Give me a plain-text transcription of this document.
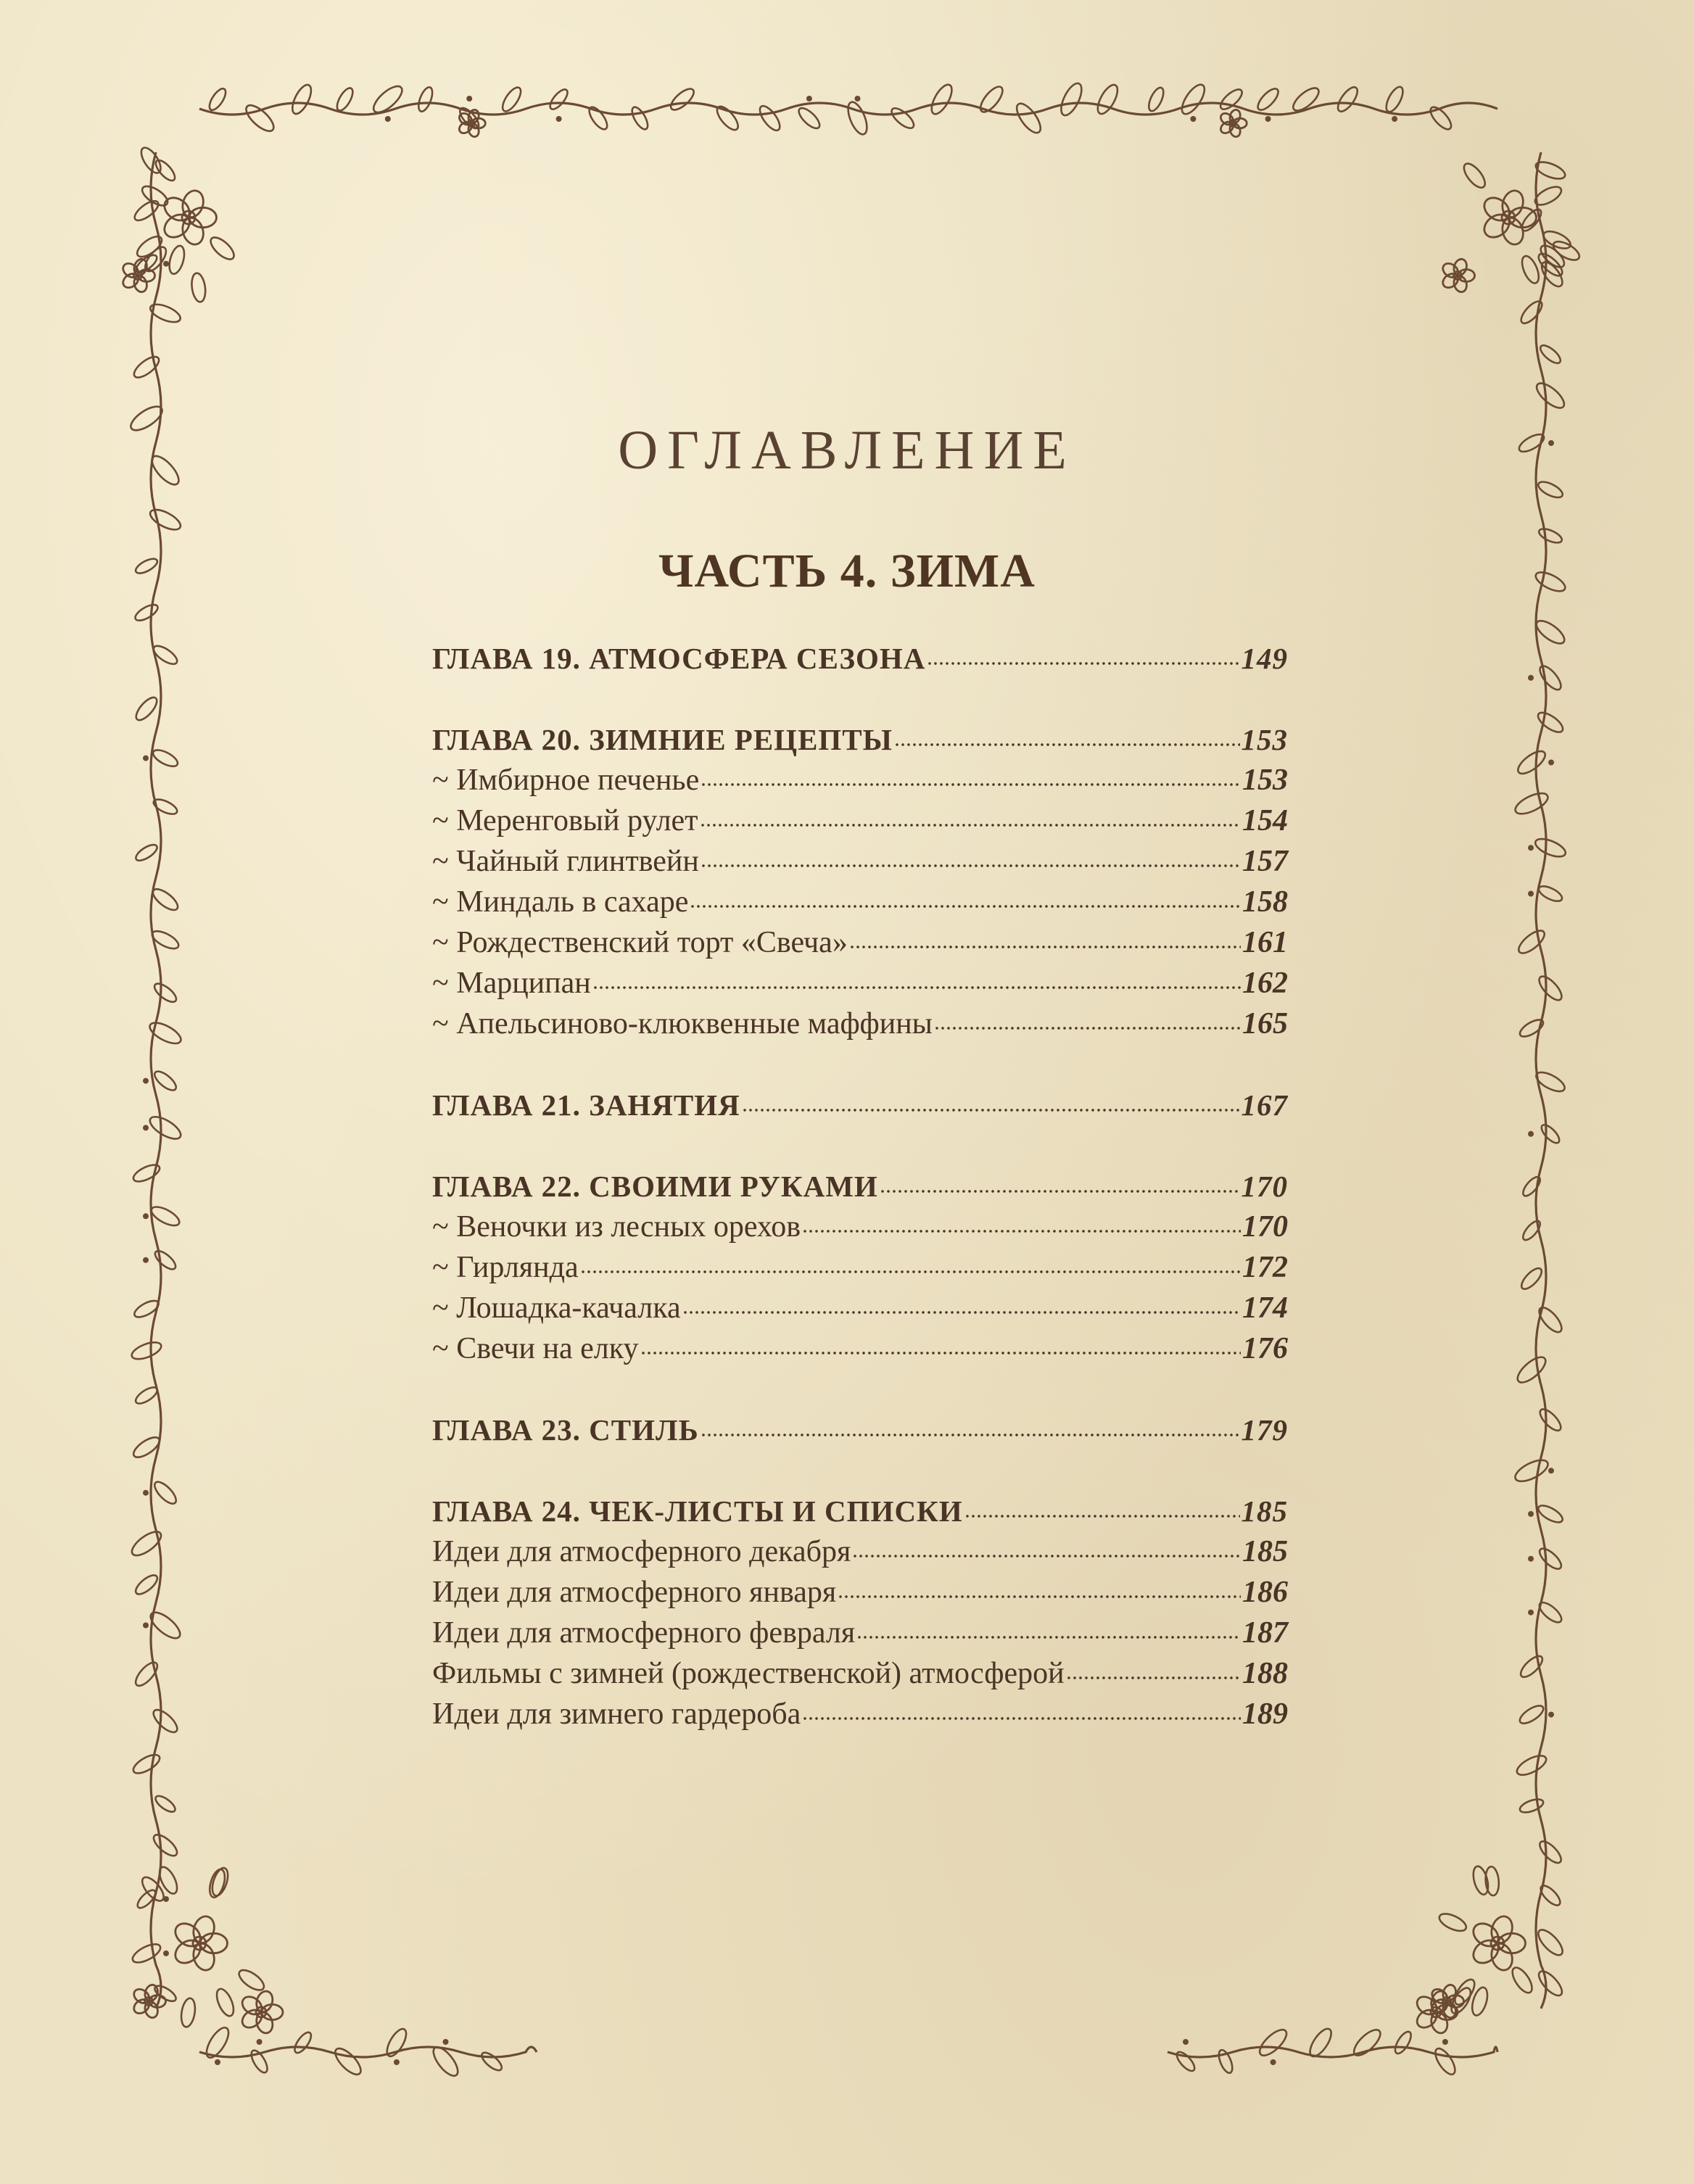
ОГЛАВЛЕНИЕ
ЧАСТЬ 4. ЗИМА
ГЛАВА 19. АТМОСФЕРА СЕЗОНА	149
ГЛАВА 20. ЗИМНИЕ РЕЦЕПТЫ	153
~ Имбирное печенье	153
~ Меренговый рулет	154
~ Чайный глинтвейн	157
~ Миндаль в сахаре	158
~ Рождественский торт «Свеча»	161
~ Марципан	162
~ Апельсиново-клюквенные маффины	165
ГЛАВА 21. ЗАНЯТИЯ	167
ГЛАВА 22. СВОИМИ РУКАМИ	170
~ Веночки из лесных орехов	170
~ Гирлянда	172
~ Лошадка-качалка	174
~ Свечи на елку	176
ГЛАВА 23. СТИЛЬ	179
ГЛАВА 24. ЧЕК-ЛИСТЫ И СПИСКИ	185
Идеи для атмосферного декабря	185
Идеи для атмосферного января	186
Идеи для атмосферного февраля	187
Фильмы с зимней (рождественской) атмосферой	188
Идеи для зимнего гардероба	189
